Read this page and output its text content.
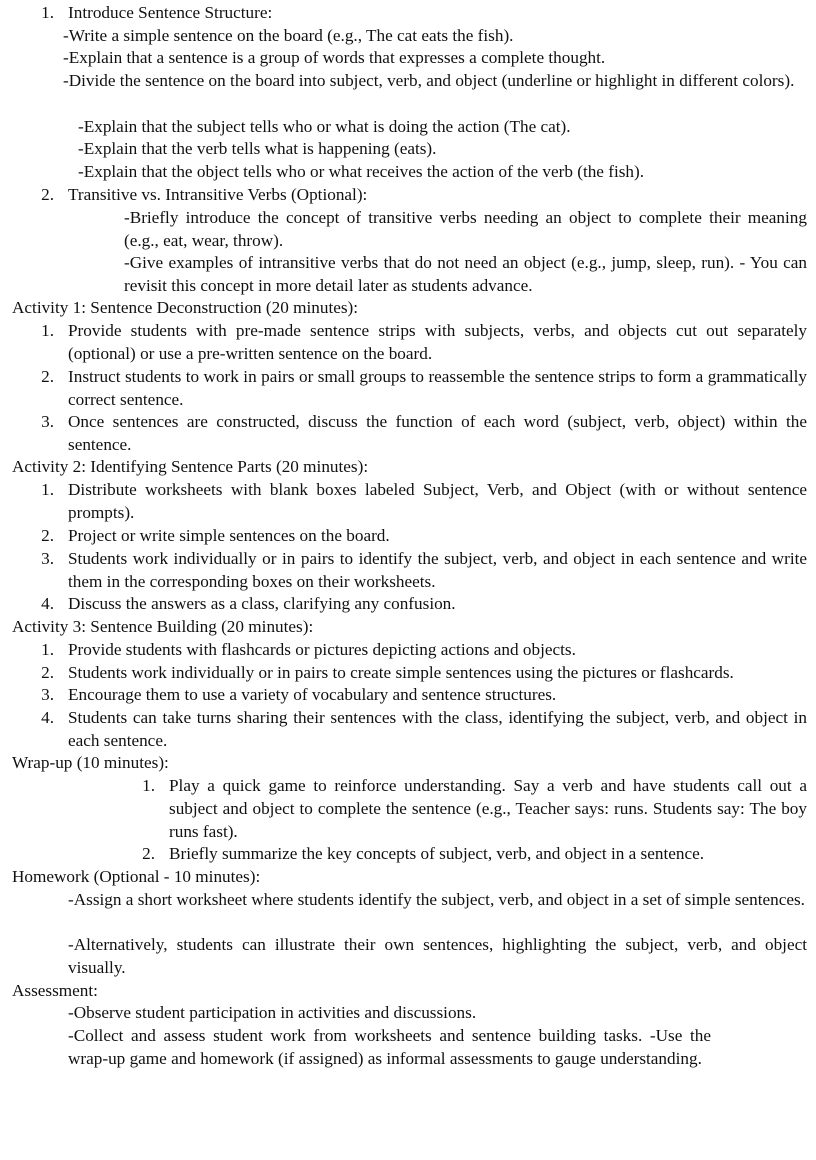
1. Introduce Sentence Structure:
-Write a simple sentence on the board (e.g., The cat eats the fish).
-Explain that a sentence is a group of words that expresses a complete thought.
-Divide the sentence on the board into subject, verb, and object (underline or highlight in different colors).
-Explain that the subject tells who or what is doing the action (The cat).
-Explain that the verb tells what is happening (eats).
-Explain that the object tells who or what receives the action of the verb (the fish).
2. Transitive vs. Intransitive Verbs (Optional):
-Briefly introduce the concept of transitive verbs needing an object to complete their meaning (e.g., eat, wear, throw).
-Give examples of intransitive verbs that do not need an object (e.g., jump, sleep, run). - You can revisit this concept in more detail later as students advance.
Activity 1: Sentence Deconstruction (20 minutes):
1. Provide students with pre-made sentence strips with subjects, verbs, and objects cut out separately (optional) or use a pre-written sentence on the board.
2. Instruct students to work in pairs or small groups to reassemble the sentence strips to form a grammatically correct sentence.
3. Once sentences are constructed, discuss the function of each word (subject, verb, object) within the sentence.
Activity 2: Identifying Sentence Parts (20 minutes):
1. Distribute worksheets with blank boxes labeled Subject, Verb, and Object (with or without sentence prompts).
2. Project or write simple sentences on the board.
3. Students work individually or in pairs to identify the subject, verb, and object in each sentence and write them in the corresponding boxes on their worksheets.
4. Discuss the answers as a class, clarifying any confusion.
Activity 3: Sentence Building (20 minutes):
1. Provide students with flashcards or pictures depicting actions and objects.
2. Students work individually or in pairs to create simple sentences using the pictures or flashcards.
3. Encourage them to use a variety of vocabulary and sentence structures.
4. Students can take turns sharing their sentences with the class, identifying the subject, verb, and object in each sentence.
Wrap-up (10 minutes):
1. Play a quick game to reinforce understanding. Say a verb and have students call out a subject and object to complete the sentence (e.g., Teacher says: runs. Students say: The boy runs fast).
2. Briefly summarize the key concepts of subject, verb, and object in a sentence.
Homework (Optional - 10 minutes):
-Assign a short worksheet where students identify the subject, verb, and object in a set of simple sentences.
-Alternatively, students can illustrate their own sentences, highlighting the subject, verb, and object visually.
Assessment:
-Observe student participation in activities and discussions.
-Collect and assess student work from worksheets and sentence building tasks. -Use the wrap-up game and homework (if assigned) as informal assessments to gauge understanding.
